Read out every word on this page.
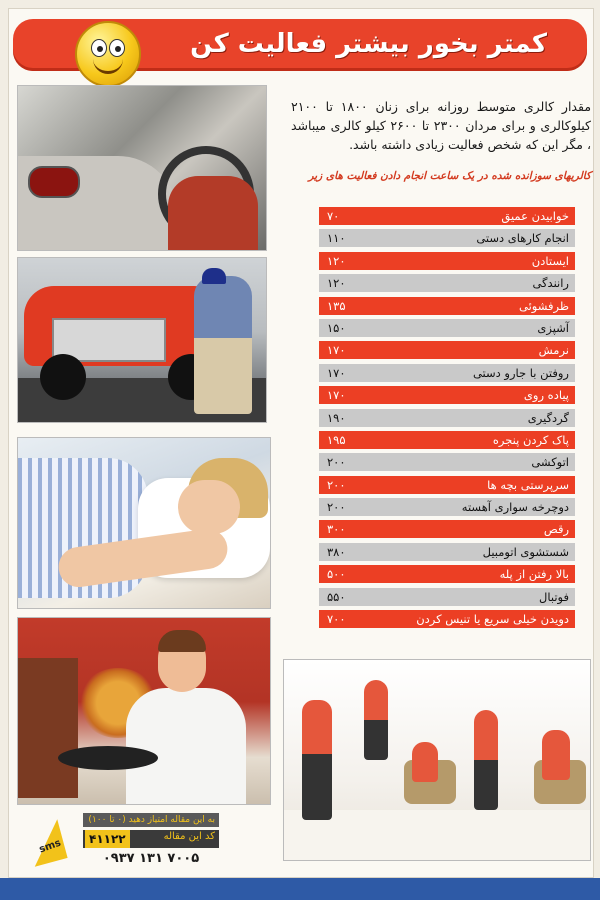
کمتر بخور بیشتر فعالیت کن
مقدار کالری متوسط روزانه برای زنان ۱۸۰۰ تا ۲۱۰۰ کیلوکالری و برای مردان ۲۳۰۰ تا ۲۶۰۰ کیلو کالری میباشد ، مگر این که شخص فعالیت زیادی داشته باشد.
کالریهای سوزانده شده در یک ساعت انجام دادن فعالیت های زیر
خوابیدن عمیق
۷۰
انجام کارهای دستی
۱۱۰
ایستادن
۱۲۰
رانندگی
۱۲۰
ظرفشوئی
۱۳۵
آشپزی
۱۵۰
نرمش
۱۷۰
روفتن با جارو دستی
۱۷۰
پیاده روی
۱۷۰
گردگیری
۱۹۰
پاک کردن پنجره
۱۹۵
اتوکشی
۲۰۰
سرپرستی بچه ها
۲۰۰
دوچرخه سواری آهسته
۲۰۰
رقص
۳۰۰
شستشوی اتومبیل
۳۸۰
بالا رفتن از پله
۵۰۰
فوتبال
۵۵۰
دویدن خیلی سریع یا تنیس کردن
۷۰۰
sms
به این مقاله امتیاز دهید (۰ تا ۱۰۰)
کد این مقاله
۴۱۱۲۲
۰۹۳۷ ۱۳۱ ۷۰۰۵
